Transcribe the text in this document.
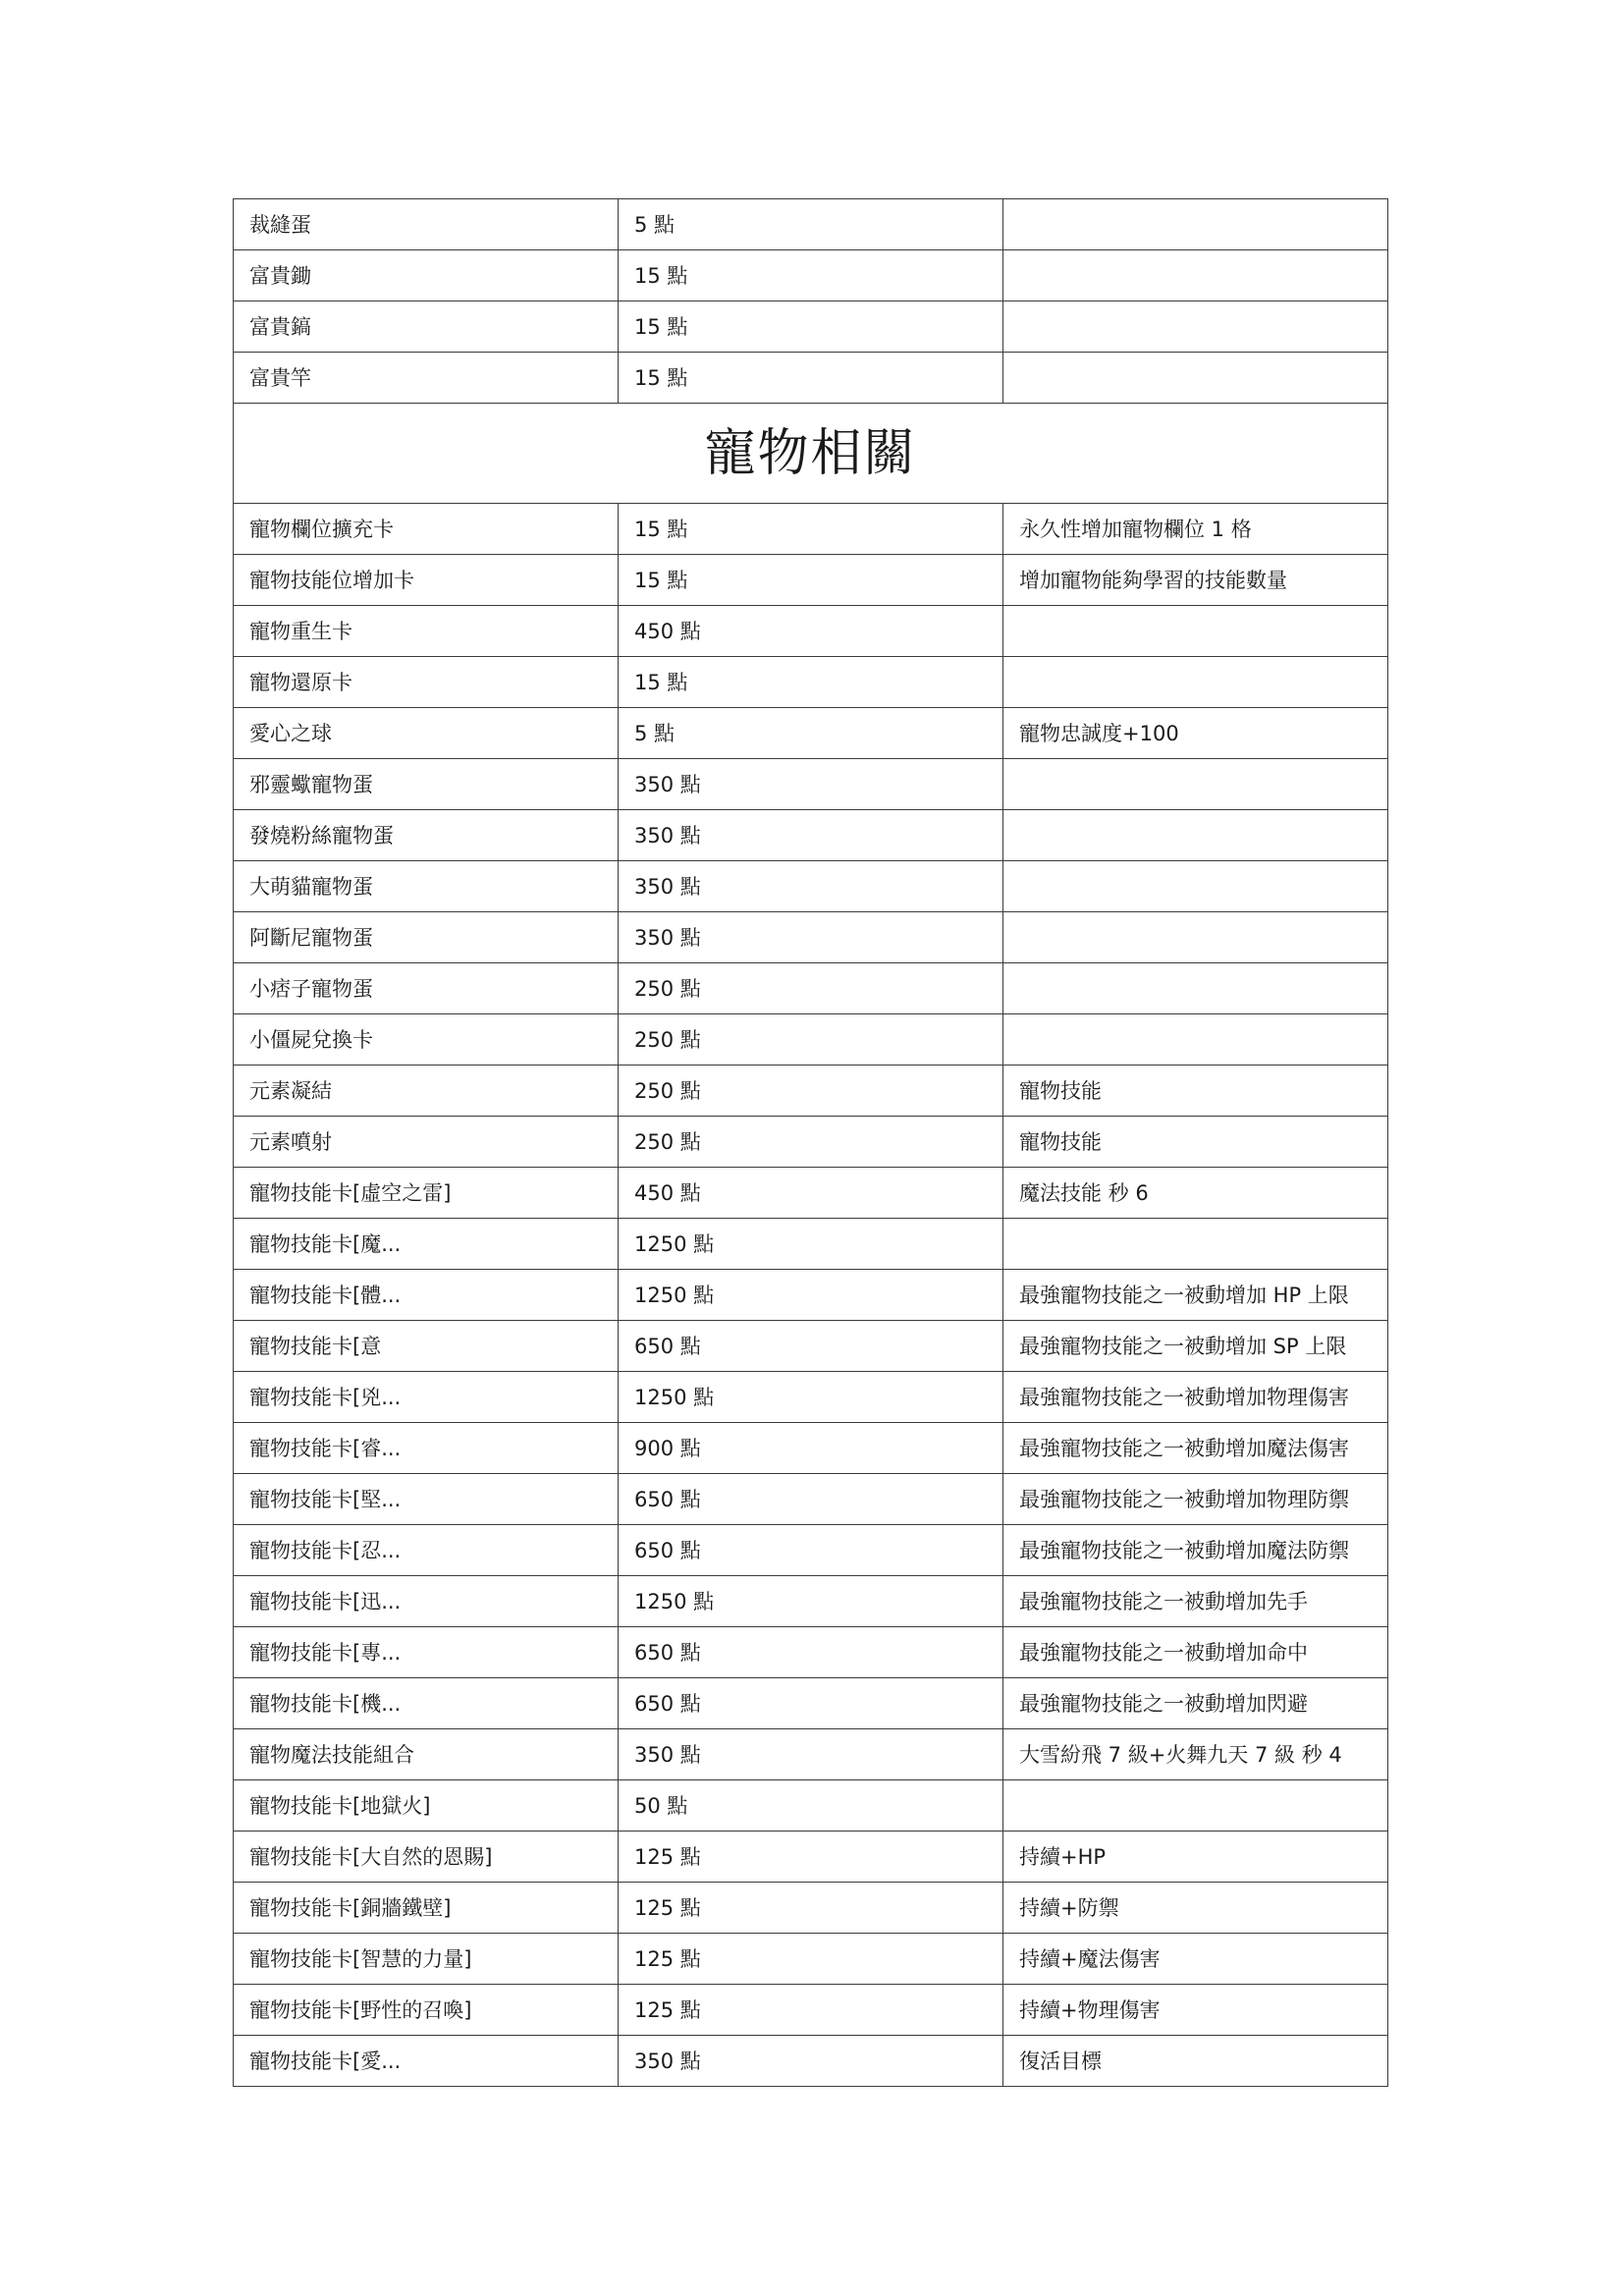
裁縫蛋	5 點	
富貴鋤	15 點	
富貴鎬	15 點	
富貴竿	15 點	
寵物相關		
寵物欄位擴充卡	15 點	永久性增加寵物欄位 1 格
寵物技能位增加卡	15 點	增加寵物能夠學習的技能數量
寵物重生卡	450 點	
寵物還原卡	15 點	
愛心之球	5 點	寵物忠誠度+100
邪靈蠍寵物蛋	350 點	
發燒粉絲寵物蛋	350 點	
大萌貓寵物蛋	350 點	
阿斷尼寵物蛋	350 點	
小痞子寵物蛋	250 點	
小僵屍兌換卡	250 點	
元素凝結	250 點	寵物技能
元素噴射	250 點	寵物技能
寵物技能卡[虛空之雷]	450 點	魔法技能 秒 6
寵物技能卡[魔...	1250 點	
寵物技能卡[體...	1250 點	最強寵物技能之一被動增加 HP 上限
寵物技能卡[意	650 點	最強寵物技能之一被動增加 SP 上限
寵物技能卡[兇...	1250 點	最強寵物技能之一被動增加物理傷害
寵物技能卡[睿...	900 點	最強寵物技能之一被動增加魔法傷害
寵物技能卡[堅...	650 點	最強寵物技能之一被動增加物理防禦
寵物技能卡[忍...	650 點	最強寵物技能之一被動增加魔法防禦
寵物技能卡[迅...	1250 點	最強寵物技能之一被動增加先手
寵物技能卡[專...	650 點	最強寵物技能之一被動增加命中
寵物技能卡[機...	650 點	最強寵物技能之一被動增加閃避
寵物魔法技能組合	350 點	大雪紛飛 7 級+火舞九天 7 級 秒 4
寵物技能卡[地獄火]	50 點	
寵物技能卡[大自然的恩賜]	125 點	持續+HP
寵物技能卡[銅牆鐵壁]	125 點	持續+防禦
寵物技能卡[智慧的力量]	125 點	持續+魔法傷害
寵物技能卡[野性的召喚]	125 點	持續+物理傷害
寵物技能卡[愛...	350 點	復活目標
